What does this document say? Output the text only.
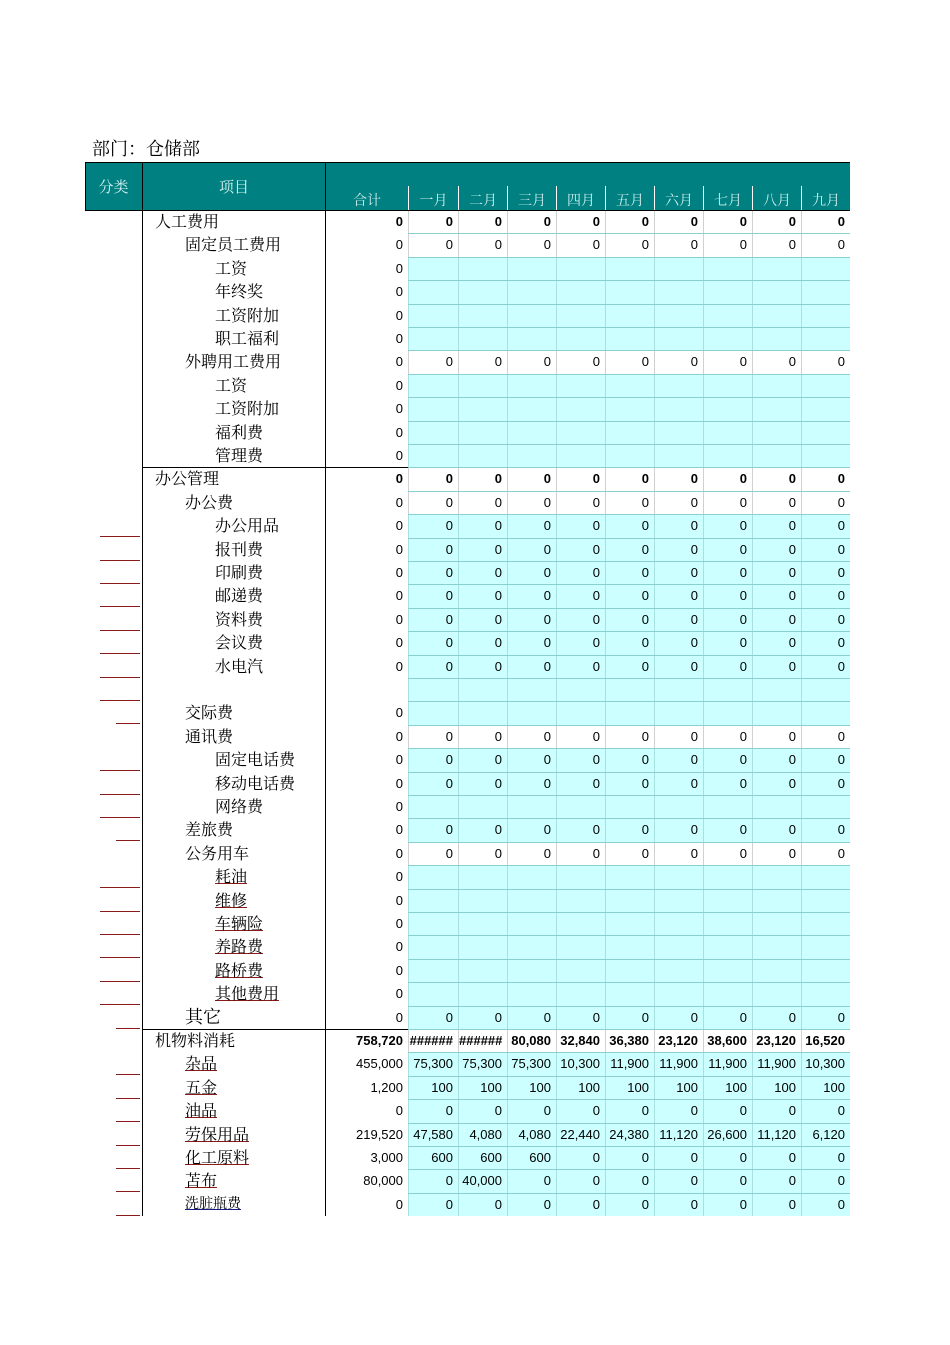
部门：仓储部
分类	项目
合计	一月	二月	三月	四月	五月	六月	七月	八月	九月
人工费用	0	0	0	0	0	0	0	0	0	0
固定员工费用	0	0	0	0	0	0	0	0	0	0
工资	0
年终奖	0
工资附加	0
职工福利	0
外聘用工费用	0	0	0	0	0	0	0	0	0	0
工资	0
工资附加	0
福利费	0
管理费	0
办公管理	0	0	0	0	0	0	0	0	0	0
办公费	0	0	0	0	0	0	0	0	0	0
办公用品	0	0	0	0	0	0	0	0	0	0
报刊费	0	0	0	0	0	0	0	0	0	0
印刷费	0	0	0	0	0	0	0	0	0	0
邮递费	0	0	0	0	0	0	0	0	0	0
资料费	0	0	0	0	0	0	0	0	0	0
会议费	0	0	0	0	0	0	0	0	0	0
水电汽	0	0	0	0	0	0	0	0	0	0
交际费	0
通讯费	0	0	0	0	0	0	0	0	0	0
固定电话费	0	0	0	0	0	0	0	0	0	0
移动电话费	0	0	0	0	0	0	0	0	0	0
网络费	0
差旅费	0	0	0	0	0	0	0	0	0	0
公务用车	0	0	0	0	0	0	0	0	0	0
耗油	0
维修	0
车辆险	0
养路费	0
路桥费	0
其他费用	0
其它	0	0	0	0	0	0	0	0	0	0
机物料消耗	758,720 ###### ###### 80,080 32,840 36,380 23,120 38,600 23,120 16,520
杂品	455,000 75,300 75,300 75,300 10,300 11,900 11,900 11,900 11,900 10,300
五金	1,200	100	100	100	100	100	100	100	100	100
油品	0	0	0	0	0	0	0	0	0	0
劳保用品	219,520 47,580	4,080	4,080 22,440 24,380 11,120 26,600 11,120	6,120
化工原料	3,000	600	600	600	0	0	0	0	0	0
苫布	80,000	0 40,000	0	0	0	0	0	0	0
洗脏瓶费	0	0	0	0	0	0	0	0	0	0
